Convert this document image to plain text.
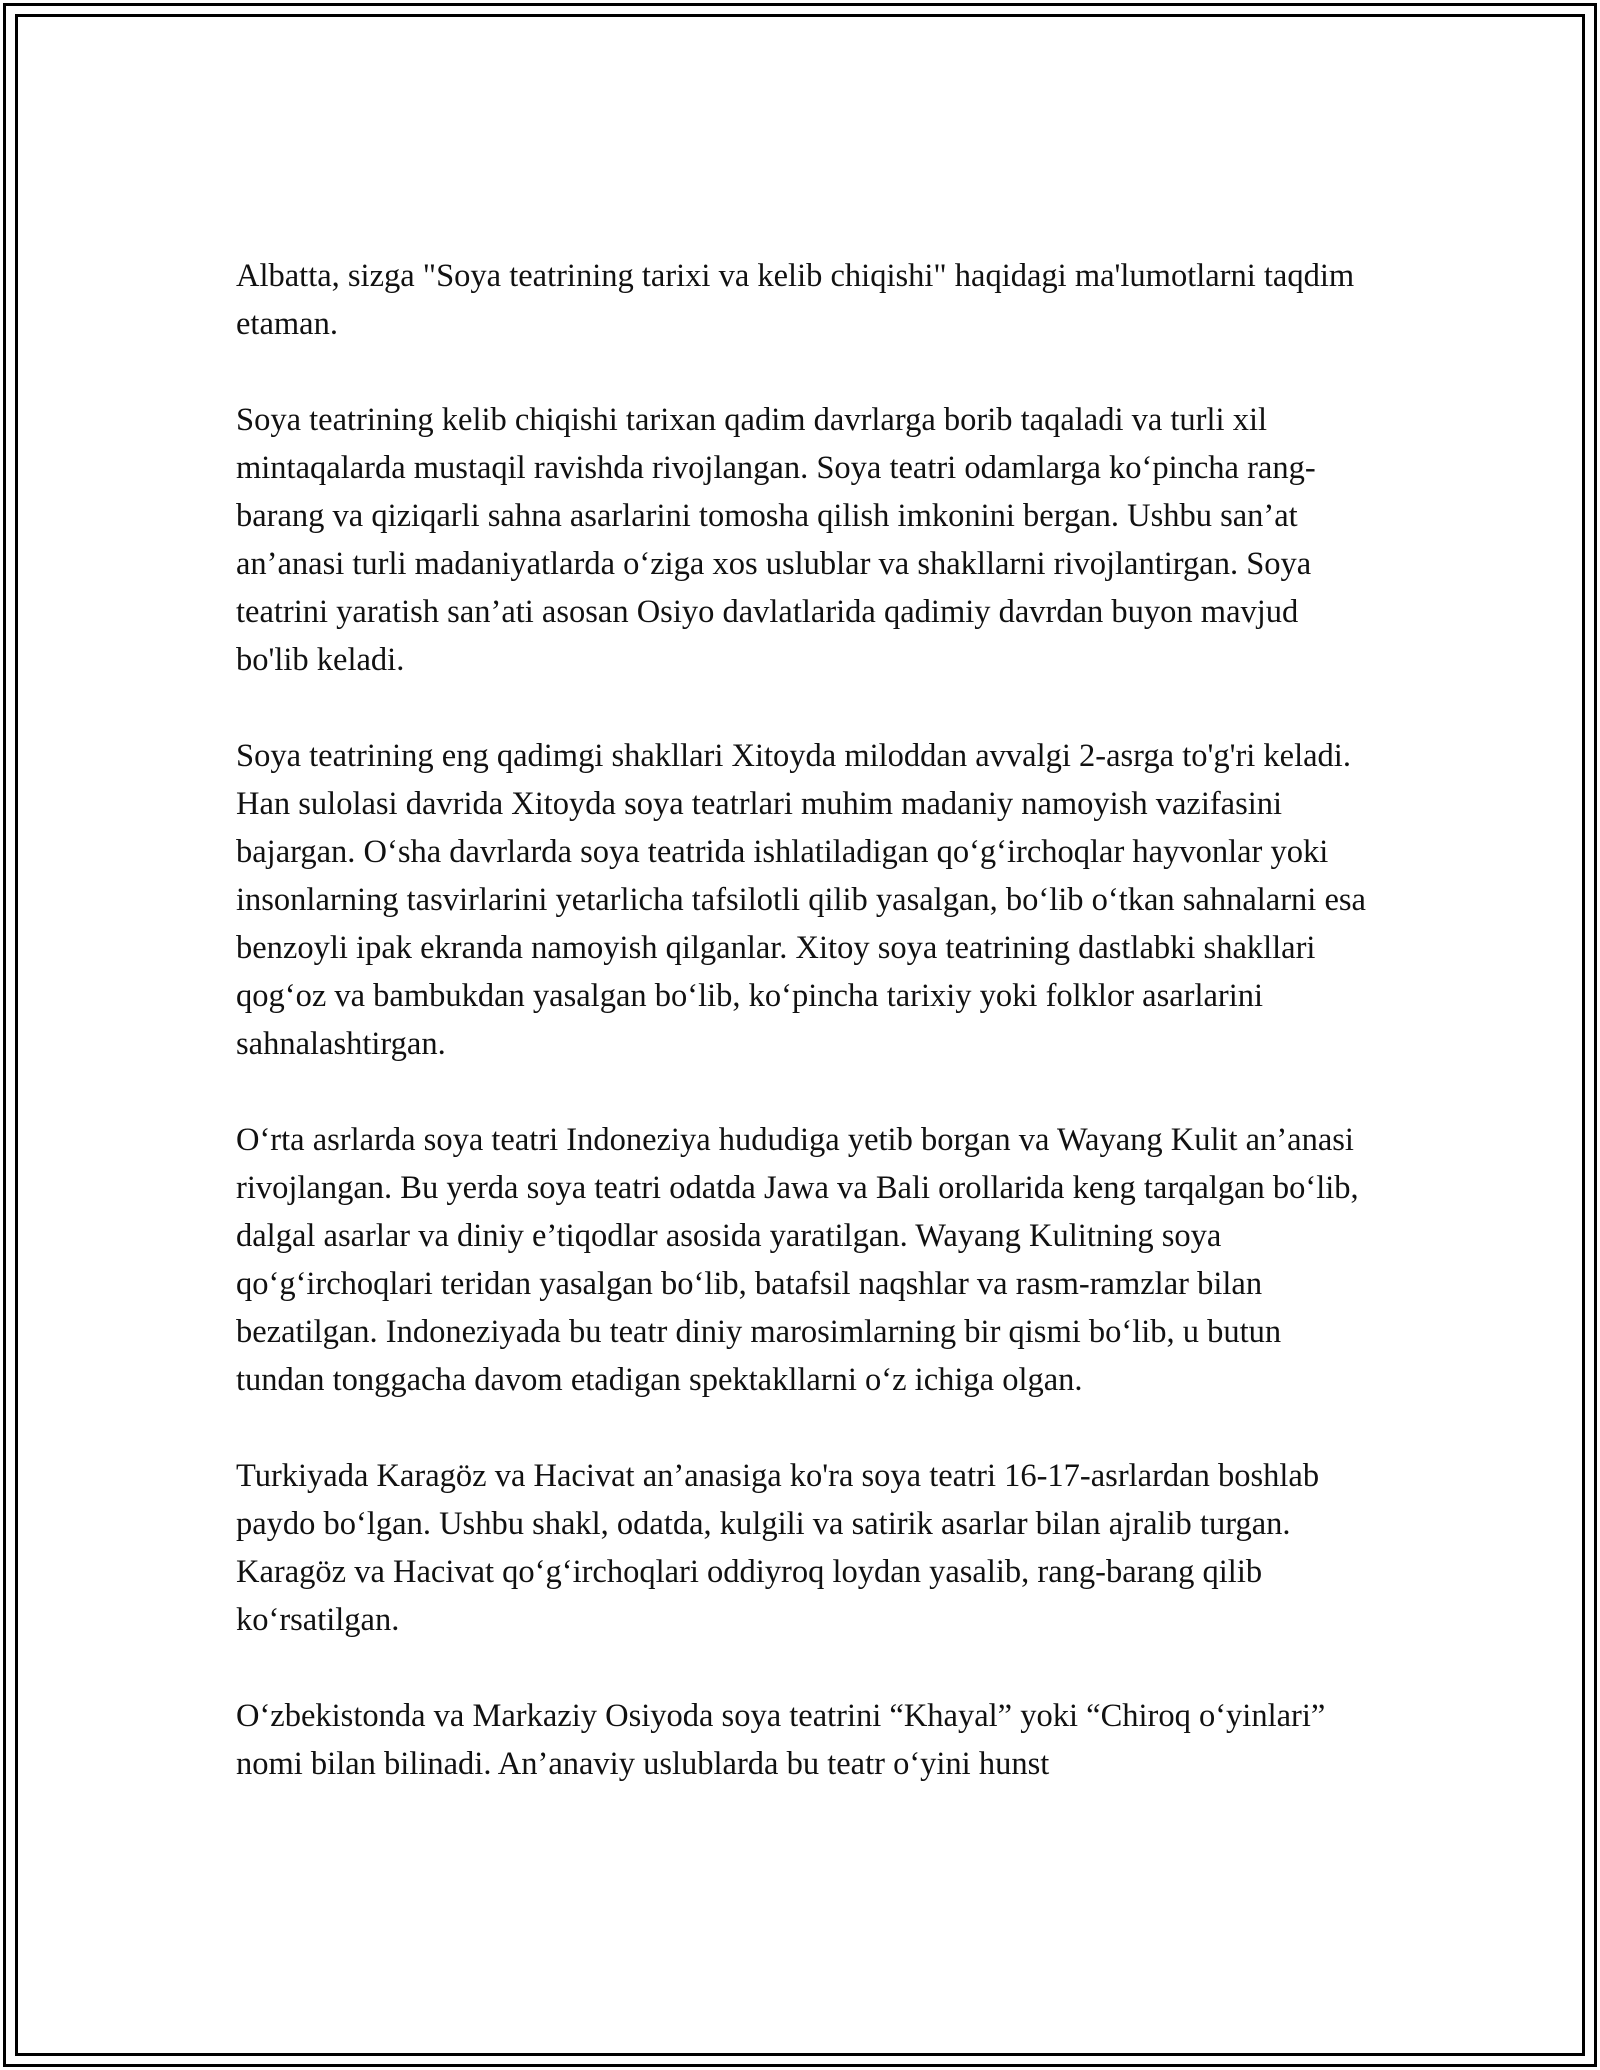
Albatta, sizga "Soya teatrining tarixi va kelib chiqishi" haqidagi ma'lumotlarni taqdim etaman.

Soya teatrining kelib chiqishi tarixan qadim davrlarga borib taqaladi va turli xil mintaqalarda mustaqil ravishda rivojlangan. Soya teatri odamlarga koʻpincha rang-barang va qiziqarli sahna asarlarini tomosha qilish imkonini bergan. Ushbu san’at an’anasi turli madaniyatlarda oʻziga xos uslublar va shakllarni rivojlantirgan. Soya teatrini yaratish san’ati asosan Osiyo davlatlarida qadimiy davrdan buyon mavjud bo'lib keladi.

Soya teatrining eng qadimgi shakllari Xitoyda miloddan avvalgi 2-asrga to'g'ri keladi. Han sulolasi davrida Xitoyda soya teatrlari muhim madaniy namoyish vazifasini bajargan. Oʻsha davrlarda soya teatrida ishlatiladigan qoʻgʻirchoqlar hayvonlar yoki insonlarning tasvirlarini yetarlicha tafsilotli qilib yasalgan, boʻlib oʻtkan sahnalarni esa benzoyli ipak ekranda namoyish qilganlar. Xitoy soya teatrining dastlabki shakllari qogʻoz va bambukdan yasalgan boʻlib, koʻpincha tarixiy yoki folklor asarlarini sahnalashtirgan.

Oʻrta asrlarda soya teatri Indoneziya hududiga yetib borgan va Wayang Kulit an’anasi rivojlangan. Bu yerda soya teatri odatda Jawa va Bali orollarida keng tarqalgan boʻlib, dalgal asarlar va diniy e’tiqodlar asosida yaratilgan. Wayang Kulitning soya qoʻgʻirchoqlari teridan yasalgan boʻlib, batafsil naqshlar va rasm-ramzlar bilan bezatilgan. Indoneziyada bu teatr diniy marosimlarning bir qismi boʻlib, u butun tundan tonggacha davom etadigan spektakllarni oʻz ichiga olgan.

Turkiyada Karagöz va Hacivat an’anasiga ko'ra soya teatri 16-17-asrlardan boshlab paydo boʻlgan. Ushbu shakl, odatda, kulgili va satirik asarlar bilan ajralib turgan. Karagöz va Hacivat qoʻgʻirchoqlari oddiyroq loydan yasalib, rang-barang qilib koʻrsatilgan.

Oʻzbekistonda va Markaziy Osiyoda soya teatrini “Khayal” yoki “Chiroq oʻyinlari” nomi bilan bilinadi. An’anaviy uslublarda bu teatr oʻyini hunst
